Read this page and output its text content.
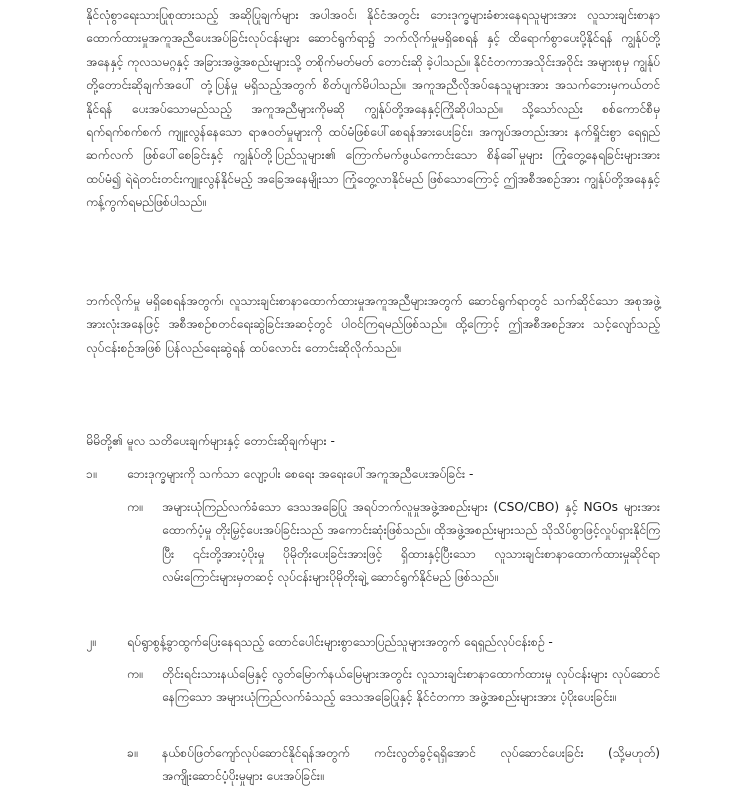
နိုင်လုံစွာရေးသားပြုစုထားသည့် အဆိုပြုချက်များ အပါအဝင်၊ နိုင်ငံအတွင်း ဘေးဒုက္ခများခံစားနေရသူများအား လူသားချင်းစာနာထောက်ထားမှုအကူအညီပေးအပ်ခြင်းလုပ်ငန်းများ ဆောင်ရွက်ရာ၌ ဘက်လိုက်မှုမရှိစေရန် နှင့် ထိရောက်စွာပေးပို့နိုင်ရန် ကျွန်ုပ်တို့အနေနှင့် ကုလသမဂ္ဂနှင့် အခြားအဖွဲ့အစည်းများသို့ တစိုက်မတ်မတ် တောင်းဆို ခဲ့ပါသည်။ နိုင်ငံတကာအသိုင်းအဝိုင်း အများစုမှ ကျွန်ုပ်တို့တောင်းဆိုချက်အပေါ် တုံ့ပြန်မှု မရှိသည့်အတွက် စိတ်ပျက်မိပါသည်။ အကူအညီလိုအပ်နေသူများအား အသက်ဘေးမှကယ်တင်နိုင်ရန် ပေးအပ်သောမည်သည့် အကူအညီများကိုမဆို ကျွန်ုပ်တို့အနေနှင့်ကြိုဆိုပါသည်။ သို့သော်လည်း စစ်ကောင်စီမှ ရက်ရက်စက်စက် ကျူးလွန်နေသော ရာဇဝတ်မှုများကို ထပ်မံဖြစ်ပေါ်စေရန်အားပေးခြင်း၊ အကျပ်အတည်းအား နက်ရှိုင်းစွာ ရေရှည်ဆက်လက် ဖြစ်ပေါ်စေခြင်းနှင့် ကျွန်ုပ်တို့ပြည်သူများ၏ ကြောက်မက်ဖွယ်ကောင်းသော စိန်ခေါ်မှုများ ကြုံတွေ့နေရခြင်းများအား ထပ်မံ၍ ရဲရဲတင်းတင်းကျူးလွန်နိုင်မည့် အခြေအနေမျိုးသာ ကြုံတွေ့လာနိုင်မည် ဖြစ်သောကြောင့် ဤအစီအစဉ်အား ကျွန်ုပ်တို့အနေနှင့် ကန့်ကွက်ရမည်ဖြစ်ပါသည်။

ဘက်လိုက်မှု မရှိစေရန်အတွက်၊ လူသားချင်းစာနာထောက်ထားမှုအကူအညီများအတွက် ဆောင်ရွက်ရာတွင် သက်ဆိုင်သော အစုအဖွဲ့အားလုံးအနေဖြင့် အစီအစဉ်စတင်ရေးဆွဲခြင်းအဆင့်တွင် ပါဝင်ကြရမည်ဖြစ်သည်။ ထို့ကြောင့် ဤအစီအစဉ်အား သင့်လျော်သည့် လုပ်ငန်းစဉ်အဖြစ် ပြန်လည်ရေးဆွဲရန် ထပ်လောင်း တောင်းဆိုလိုက်သည်။

မိမိတို့၏ မူလ သတိပေးချက်များနှင့် တောင်းဆိုချက်များ -

၁။ ဘေးဒုက္ခများကို သက်သာ လျော့ပါး စေရေး အရေးပေါ်အကူအညီပေးအပ်ခြင်း -
က။ အများယုံကြည်လက်ခံသော ဒေသအခြေပြု အရပ်ဘက်လူမှုအဖွဲ့အစည်းများ (CSO/CBO) နှင့် NGOs များအား ထောက်ပံ့မှု တိုးမြှင့်ပေးအပ်ခြင်းသည် အကောင်းဆုံးဖြစ်သည်။ ထိုအဖွဲ့အစည်းများသည် သိုသိပ်စွာဖြင့်လှုပ်ရှားနိုင်ကြပြီး ၎င်းတို့အားပံ့ပိုးမှု ပိုမိုတိုးပေးခြင်းအားဖြင့် ရှိထားနှင့်ပြီးသော လူသားချင်းစာနာထောက်ထားမှုဆိုင်ရာ လမ်းကြောင်းများမှတဆင့် လုပ်ငန်းများပိုမိုတိုးချဲ့ ဆောင်ရွက်နိုင်မည် ဖြစ်သည်။
၂။	ရပ်ရွာစွန့်ခွာထွက်ပြေးနေရသည့် ထောင်ပေါင်းများစွာသောပြည်သူများအတွက် ရေရှည်လုပ်ငန်းစဉ် -
က။ တိုင်းရင်းသားနယ်မြေနှင့် လွတ်မြောက်နယ်မြေများအတွင်း လူသားချင်းစာနာထောက်ထားမှု လုပ်ငန်းများ လုပ်ဆောင်နေကြသော အများယုံကြည်လက်ခံသည့် ဒေသအခြေပြုနှင့် နိုင်ငံတကာ အဖွဲ့အစည်းများအား ပံ့ပိုးပေးခြင်း။
ခ။ နယ်စပ်ဖြတ်ကျော်လုပ်ဆောင်နိုင်ရန်အတွက် ကင်းလွတ်ခွင့်ရရှိအောင် လုပ်ဆောင်ပေးခြင်း (သို့မဟုတ်) အကျိုးဆောင်ပံ့ပိုးမှုများ ပေးအပ်ခြင်း။
